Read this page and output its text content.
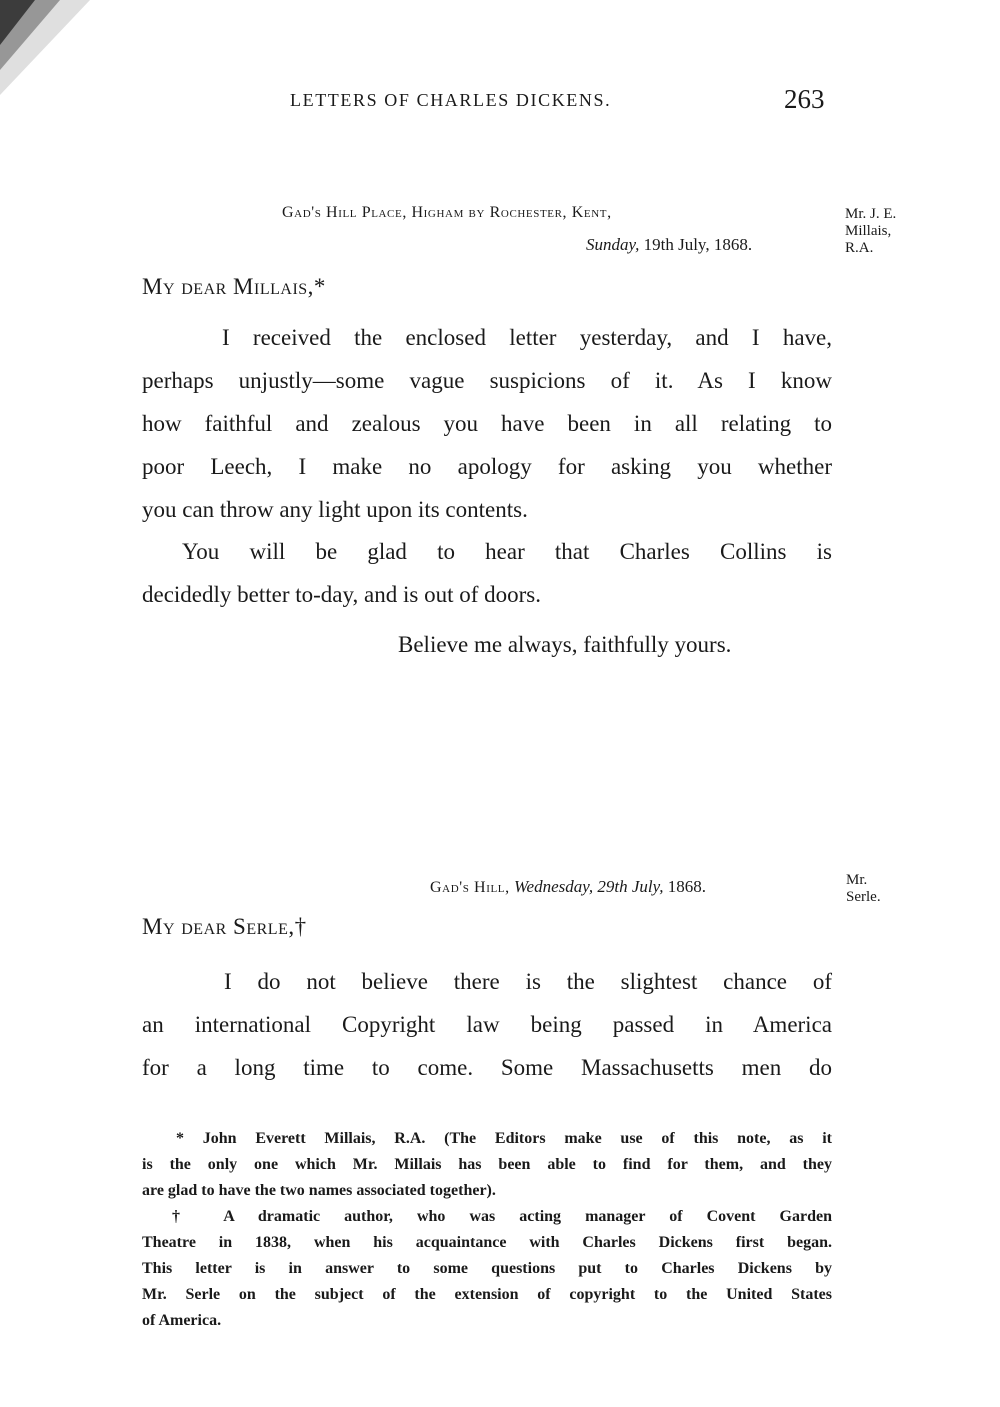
LETTERS OF CHARLES DICKENS.	263
Gad's Hill Place, Higham by Rochester, Kent,
Sunday, 19th July, 1868.
Mr. J. E.
Millais,
R.A.
My dear Millais,*
I received the enclosed letter yesterday, and I have,
perhaps unjustly—some vague suspicions of it. As I know
how faithful and zealous you have been in all relating to
poor Leech, I make no apology for asking you whether
you can throw any light upon its contents.
You will be glad to hear that Charles Collins is
decidedly better to-day, and is out of doors.
Believe me always, faithfully yours.
Gad's Hill, Wednesday, 29th July, 1868.	Mr.
Serle.
My dear Serle,†
I do not believe there is the slightest chance of
an international Copyright law being passed in America
for a long time to come. Some Massachusetts men do
* John Everett Millais, R.A. (The Editors make use of this note, as it
is the only one which Mr. Millais has been able to find for them, and they
are glad to have the two names associated together).
† A dramatic author, who was acting manager of Covent Garden
Theatre in 1838, when his acquaintance with Charles Dickens first began.
This letter is in answer to some questions put to Charles Dickens by
Mr. Serle on the subject of the extension of copyright to the United States
of America.
